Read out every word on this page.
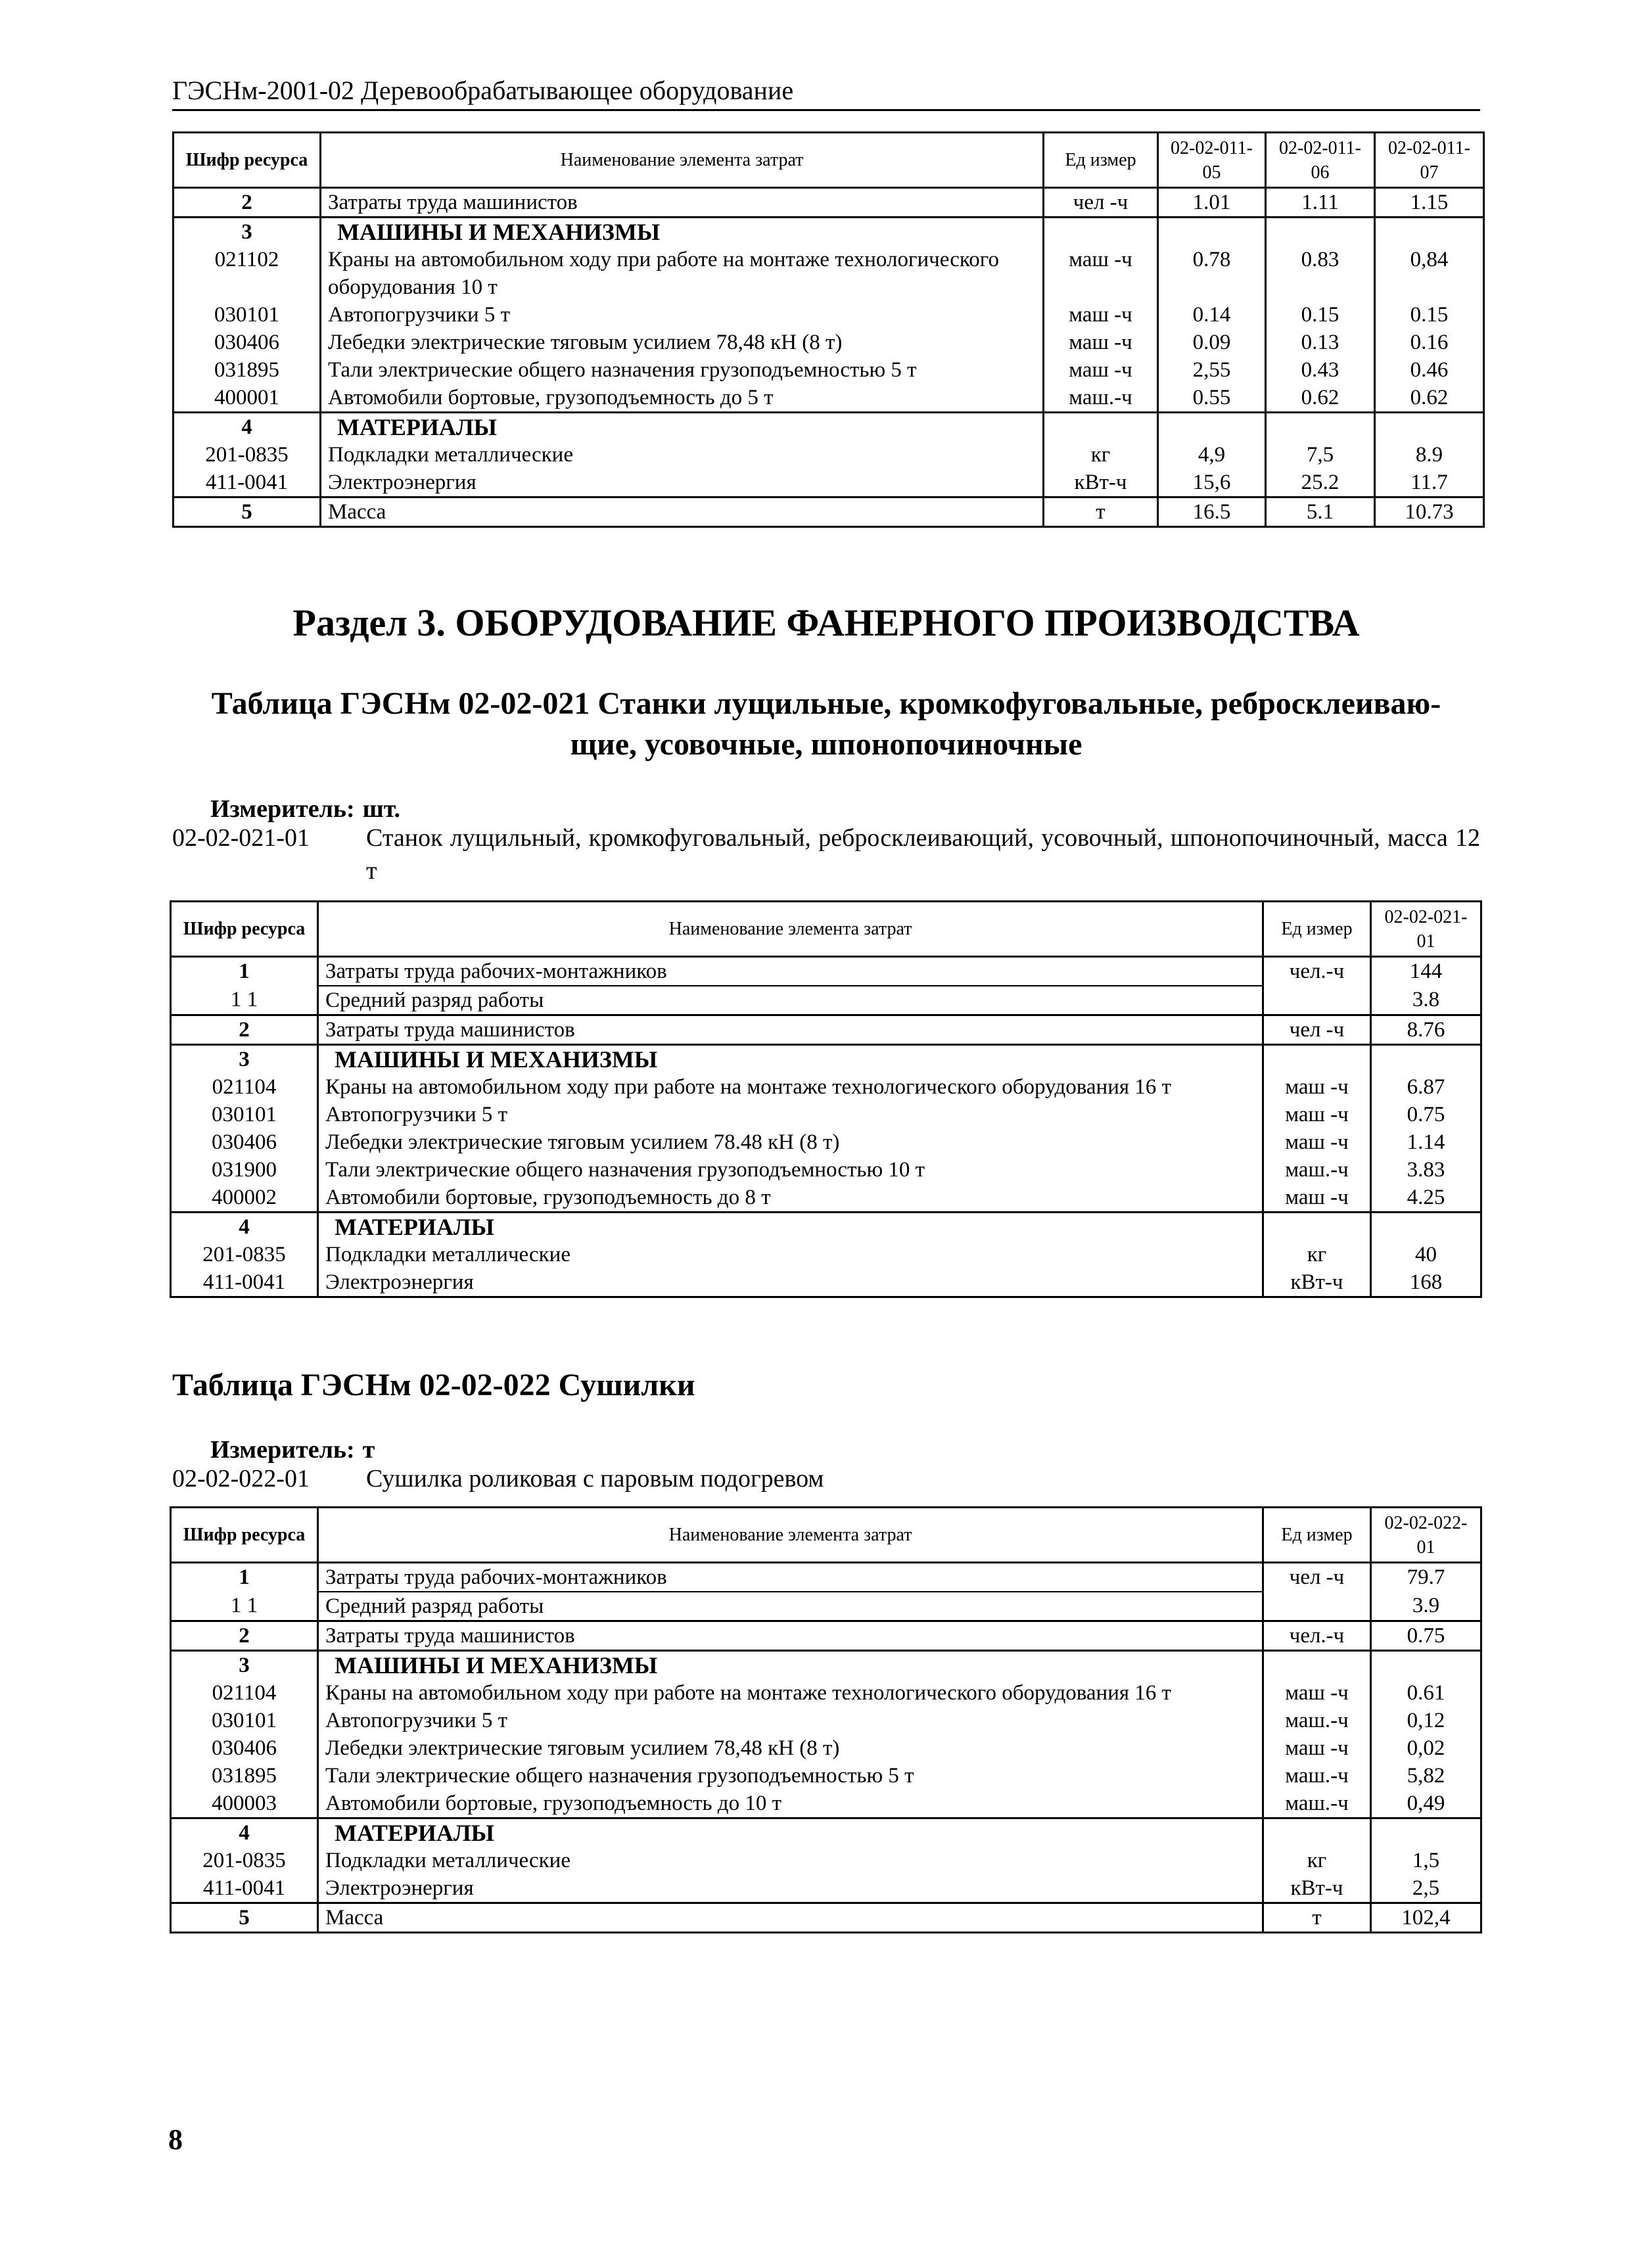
ГЭСНм-2001-02 Деревообрабатывающее оборудование
Шифр ресурса	Наименование элемента затрат	Ед измер	02-02-011-05	02-02-011-06	02-02-011-07
2	Затраты труда машинистов	чел -ч	1.01	1.11	1.15
3	МАШИНЫ И МЕХАНИЗМЫ				
021102	Краны на автомобильном ходу при работе на монтаже технологического оборудования 10 т	маш -ч	0.78	0.83	0,84
030101	Автопогрузчики 5 т	маш -ч	0.14	0.15	0.15
030406	Лебедки электрические тяговым усилием 78,48 кН (8 т)	маш -ч	0.09	0.13	0.16
031895	Тали электрические общего назначения грузоподъемностью 5 т	маш -ч	2,55	0.43	0.46
400001	Автомобили бортовые, грузоподъемность до 5 т	маш.-ч	0.55	0.62	0.62
4	МАТЕРИАЛЫ				
201-0835	Подкладки металлические	кг	4,9	7,5	8.9
411-0041	Электроэнергия	кВт-ч	15,6	25.2	11.7
5	Масса	т	16.5	5.1	10.73
Раздел 3. ОБОРУДОВАНИЕ ФАНЕРНОГО ПРОИЗВОДСТВА
Таблица ГЭСНм 02-02-021 Станки лущильные, кромкофуговальные, ребросклеиваю-
щие, усовочные, шпонопочиночные
Измеритель: шт.
02-02-021-01 Станок лущильный, кромкофуговальный, ребросклеивающий, усовочный, шпонопочиночный, масса 12 т
Шифр ресурса	Наименование элемента затрат	Ед измер	02-02-021-01
1	Затраты труда рабочих-монтажников	чел.-ч	144
1 1	Средний разряд работы		3.8
2	Затраты труда машинистов	чел -ч	8.76
3	МАШИНЫ И МЕХАНИЗМЫ		
021104	Краны на автомобильном ходу при работе на монтаже технологического оборудования 16 т	маш -ч	6.87
030101	Автопогрузчики 5 т	маш -ч	0.75
030406	Лебедки электрические тяговым усилием 78.48 кН (8 т)	маш -ч	1.14
031900	Тали электрические общего назначения грузоподъемностью 10 т	маш.-ч	3.83
400002	Автомобили бортовые, грузоподъемность до 8 т	маш -ч	4.25
4	МАТЕРИАЛЫ		
201-0835	Подкладки металлические	кг	40
411-0041	Электроэнергия	кВт-ч	168
Таблица ГЭСНм 02-02-022 Сушилки
Измеритель: т
02-02-022-01 Сушилка роликовая с паровым подогревом
Шифр ресурса	Наименование элемента затрат	Ед измер	02-02-022-01
1	Затраты труда рабочих-монтажников	чел -ч	79.7
1 1	Средний разряд работы		3.9
2	Затраты труда машинистов	чел.-ч	0.75
3	МАШИНЫ И МЕХАНИЗМЫ		
021104	Краны на автомобильном ходу при работе на монтаже технологического оборудования 16 т	маш -ч	0.61
030101	Автопогрузчики 5 т	маш.-ч	0,12
030406	Лебедки электрические тяговым усилием 78,48 кН (8 т)	маш -ч	0,02
031895	Тали электрические общего назначения грузоподъемностью 5 т	маш.-ч	5,82
400003	Автомобили бортовые, грузоподъемность до 10 т	маш.-ч	0,49
4	МАТЕРИАЛЫ		
201-0835	Подкладки металлические	кг	1,5
411-0041	Электроэнергия	кВт-ч	2,5
5	Масса	т	102,4
8
